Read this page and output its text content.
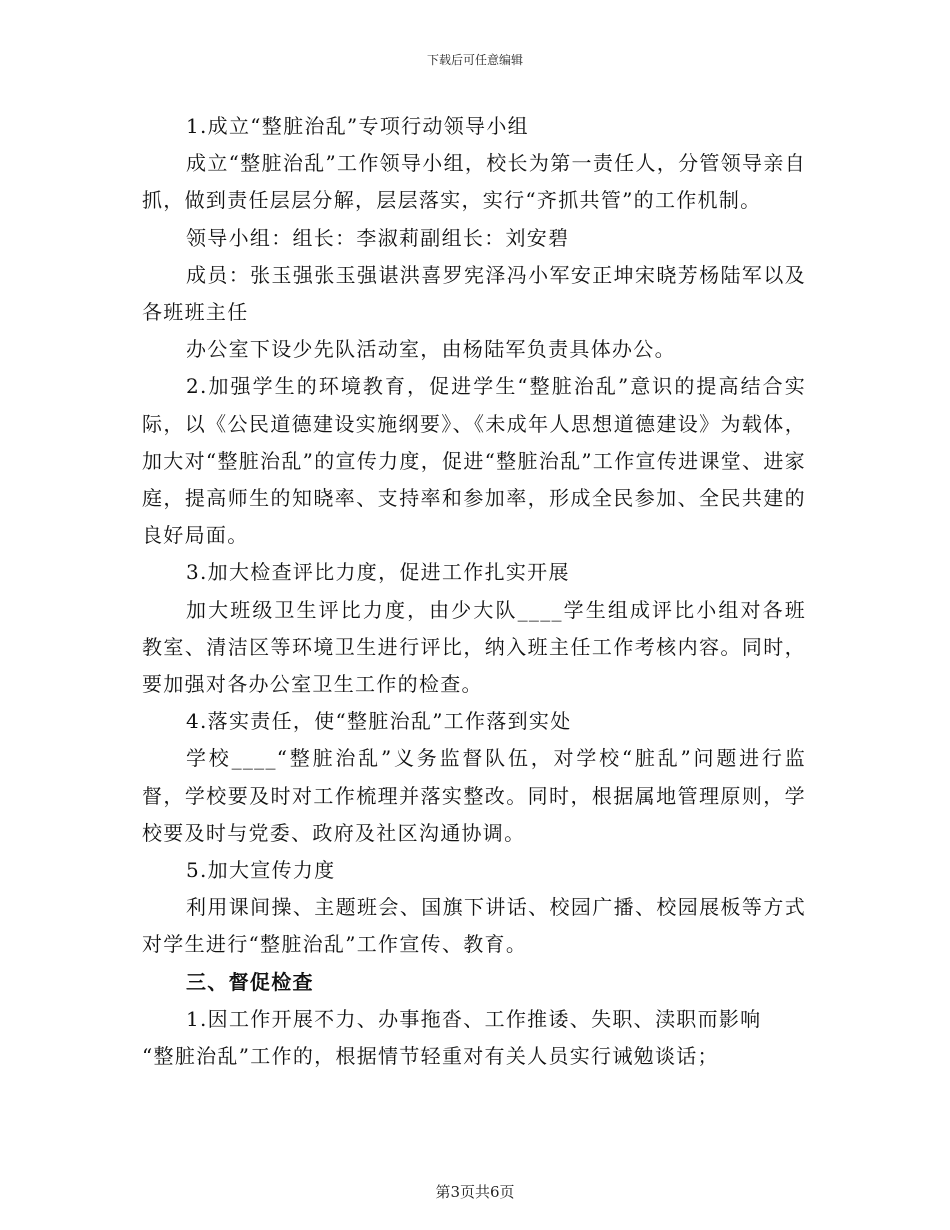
下载后可任意编辑

1.成立“整脏治乱”专项行动领导小组

成立“整脏治乱”工作领导小组，校长为第一责任人，分管领导亲自抓，做到责任层层分解，层层落实，实行“齐抓共管”的工作机制。

领导小组：组长：李淑莉副组长：刘安碧

成员：张玉强张玉强谌洪喜罗宪泽冯小军安正坤宋晓芳杨陆军以及各班班主任

办公室下设少先队活动室，由杨陆军负责具体办公。

2.加强学生的环境教育，促进学生“整脏治乱”意识的提高结合实际，以《公民道德建设实施纲要》、《未成年人思想道德建设》为载体，加大对“整脏治乱”的宣传力度，促进“整脏治乱”工作宣传进课堂、进家庭，提高师生的知晓率、支持率和参加率，形成全民参加、全民共建的良好局面。

3.加大检查评比力度，促进工作扎实开展

加大班级卫生评比力度，由少大队____学生组成评比小组对各班教室、清洁区等环境卫生进行评比，纳入班主任工作考核内容。同时，要加强对各办公室卫生工作的检查。

4.落实责任，使“整脏治乱”工作落到实处

学校____“整脏治乱”义务监督队伍，对学校“脏乱”问题进行监督，学校要及时对工作梳理并落实整改。同时，根据属地管理原则，学校要及时与党委、政府及社区沟通协调。

5.加大宣传力度

利用课间操、主题班会、国旗下讲话、校园广播、校园展板等方式对学生进行“整脏治乱”工作宣传、教育。

三、督促检查

1.因工作开展不力、办事拖沓、工作推诿、失职、渎职而影响

“整脏治乱”工作的，根据情节轻重对有关人员实行诫勉谈话；

第3页共6页
